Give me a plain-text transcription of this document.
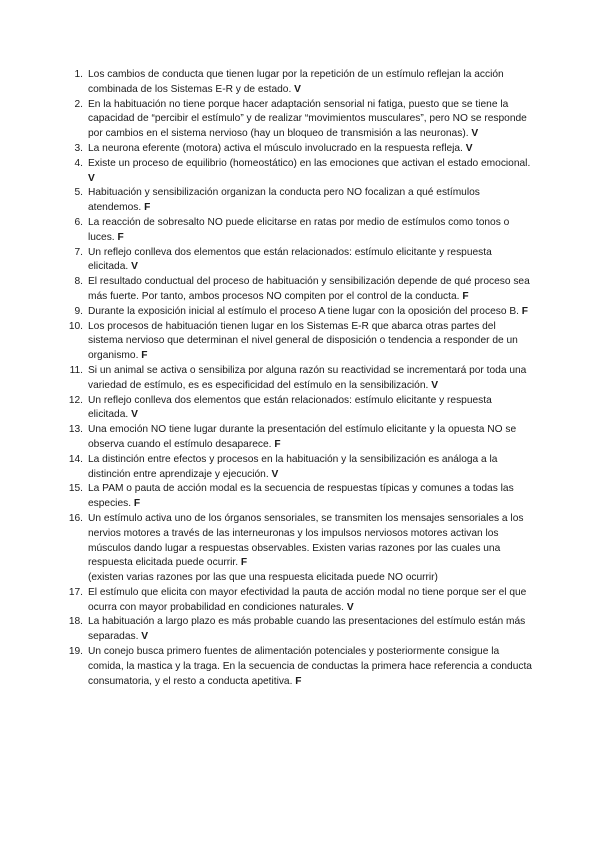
1. Los cambios de conducta que tienen lugar por la repetición de un estímulo reflejan la acción combinada de los Sistemas E-R y de estado. V
2. En la habituación no tiene porque hacer adaptación sensorial ni fatiga, puesto que se tiene la capacidad de “percibir el estímulo” y de realizar “movimientos musculares”, pero NO se responde por cambios en el sistema nervioso (hay un bloqueo de transmisión a las neuronas). V
3. La neurona eferente (motora) activa el músculo involucrado en la respuesta refleja. V
4. Existe un proceso de equilibrio (homeostático) en las emociones que activan el estado emocional. V
5. Habituación y sensibilización organizan la conducta pero NO focalizan a qué estímulos atendemos. F
6. La reacción de sobresalto NO puede elicitarse en ratas por medio de estímulos como tonos o luces. F
7. Un reflejo conlleva dos elementos que están relacionados: estímulo elicitante y respuesta elicitada. V
8. El resultado conductual del proceso de habituación y sensibilización depende de qué proceso sea más fuerte. Por tanto, ambos procesos NO compiten por el control de la conducta. F
9. Durante la exposición inicial al estímulo el proceso A tiene lugar con la oposición del proceso B. F
10. Los procesos de habituación tienen lugar en los Sistemas E-R que abarca otras partes del sistema nervioso que determinan el nivel general de disposición o tendencia a responder de un organismo. F
11. Si un animal se activa o sensibiliza por alguna razón su reactividad se incrementará por toda una variedad de estímulo, es es especificidad del estímulo en la sensibilización. V
12. Un reflejo conlleva dos elementos que están relacionados: estímulo elicitante y respuesta elicitada. V
13. Una emoción NO tiene lugar durante la presentación del estímulo elicitante y la opuesta NO se observa cuando el estímulo desaparece. F
14. La distinción entre efectos y procesos en la habituación y la sensibilización es análoga a la distinción entre aprendizaje y ejecución. V
15. La PAM o pauta de acción modal es la secuencia de respuestas típicas y comunes a todas las especies. F
16. Un estímulo activa uno de los órganos sensoriales, se transmiten los mensajes sensoriales a los nervios motores a través de las interneuronas y los impulsos nerviosos motores activan los músculos dando lugar a respuestas observables. Existen varias razones por las cuales una respuesta elicitada puede ocurrir. F
(existen varias razones por las que una respuesta elicitada puede NO ocurrir)
17. El estímulo que elicita con mayor efectividad la pauta de acción modal no tiene porque ser el que ocurra con mayor probabilidad en condiciones naturales. V
18. La habituación a largo plazo es más probable cuando las presentaciones del estímulo están más separadas. V
19. Un conejo busca primero fuentes de alimentación potenciales y posteriormente consigue la comida, la mastica y la traga. En la secuencia de conductas la primera hace referencia a conducta consumatoria, y el resto a conducta apetitiva. F
